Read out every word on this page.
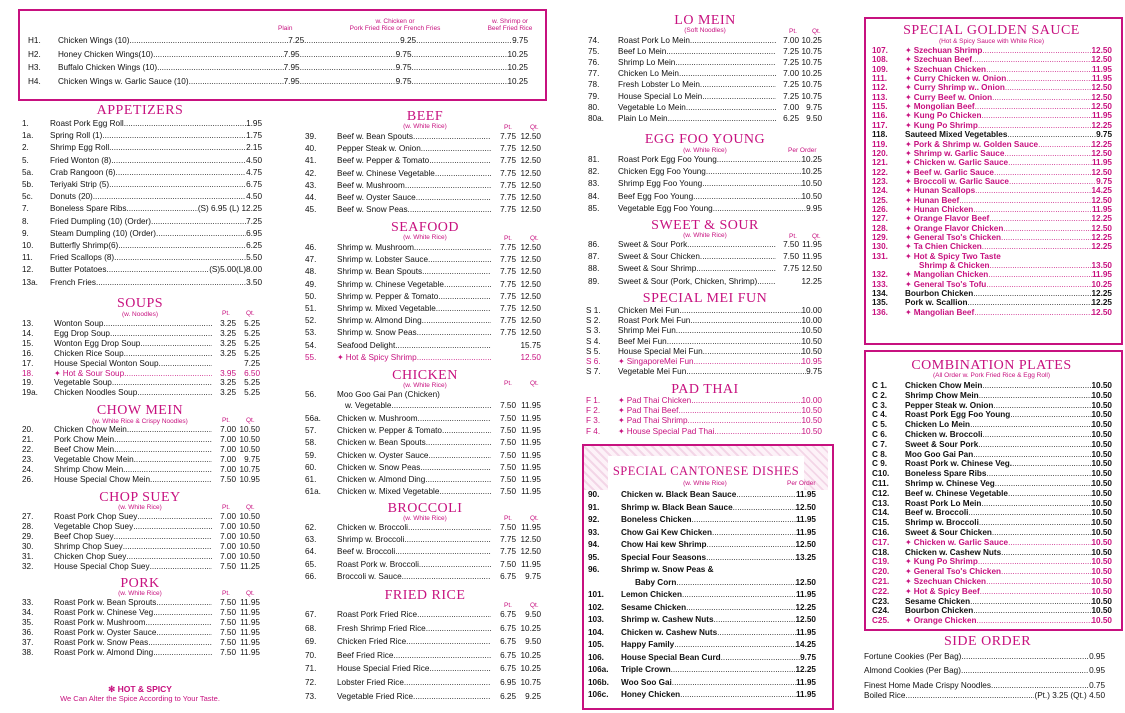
Plain
w. Chicken or
Pork Fried Rice or French Fries
w. Shrimp or
Beef Fried Rice
H1.	Chicken Wings (10) .....	7.25 .....	9.25 .....	9.75
H2.	Honey Chicken Wings(10) .....	7.95 .....	9.75 .....	10.25
H3.	Buffalo Chicken Wings (10) .....	7.95 .....	9.75 .....	10.25
H4.	Chicken Wings w. Garlic Sauce (10) .....	7.95 .....	9.75 .....	10.25
APPETIZERS
SOUPS
(w. Noodles)	Pt. Qt.
CHOW MEIN
(w. White Rice & Crispy Noodles)	Pt. Qt.
CHOP SUEY
(w. White Rice)	Pt. Qt.
PORK
(w. White Rice)	Pt. Qt.
✻ HOT & SPICY
We Can Alter the Spice According to Your Taste.
BEEF
(w. White Rice)	Pt.	Qt.
SEAFOOD
(w. White Rice)	Pt.	Qt.
CHICKEN
(w. White Rice)	Pt.	Qt.
BROCCOLI
(w. White Rice)	Pt.	Qt.
FRIED RICE
Pt.	Qt.
LO MEIN
(Soft Noodles)	Pt. Qt.
EGG FOO YOUNG
(w. White Rice)	Per Order
SWEET & SOUR
(w. White Rice)	Pt. Qt.
SPECIAL MEI FUN
PAD THAI
SPECIAL CANTONESE DISHES
(w. White Rice)	Per Order
SPECIAL GOLDEN SAUCE
(Hot & Spicy Sauce with White Rice)
COMBINATION PLATES
(All Order w. Pork Fried Rice & Egg Roll)
SIDE ORDER
1.	Roast Pork Egg Roll .....	1.95
1a.	Spring Roll (1) .....	1.75
2.	Shrimp Egg Roll .....	2.15
5.	Fried Wonton (8) .....	4.50
5a.	Crab Rangoon (6) .....	4.75
5b.	Teriyaki Strip (5) .....	6.75
5c.	Donuts (20) .....	4.50
7.	Boneless Spare Ribs .....	(S) 6.95 (L) 12.25
8.	Fried Dumpling (10) (Order) .....	7.25
9.	Steam Dumpling (10) (Order) .....	6.95
10.	Butterfly Shrimp(6) .....	6.25
11.	Fried Scallops (8) .....	5.50
12.	Butter Potatoes .....	(S)5.00(L)8.00
13a.	French Fries .....	3.50
13.	Wonton Soup .....	3.25 5.25
14.	Egg Drop Soup .....	3.25 5.25
15.	Wonton Egg Drop Soup .....	3.25 5.25
16.	Chicken Rice Soup .....	3.25 5.25
17.	House Special Wonton Soup .....	7.25
18.	✦ Hot & Sour Soup .....	3.95 6.50
19.	Vegetable Soup .....	3.25 5.25
19a.	Chicken Noodles Soup .....	3.25 5.25
20.	Chicken Chow Mein .....	7.00 10.50
21.	Pork Chow Mein .....	7.00 10.50
22.	Beef Chow Mein .....	7.00 10.50
23.	Vegetable Chow Mein .....	7.00 9.75
24.	Shrimp Chow Mein .....	7.00 10.75
26.	House Special Chow Mein .....	7.50 10.95
27.	Roast Pork Chop Suey .....	7.00 10.50
28.	Vegetable Chop Suey .....	7.00 10.50
29.	Beef Chop Suey .....	7.00 10.50
30.	Shrimp Chop Suey .....	7.00 10.50
31.	Chicken Chop Suey .....	7.00 10.50
32.	House Special Chop Suey .....	7.50 11.25
33.	Roast Pork w. Bean Sprouts .....	7.50 11.95
34.	Roast Pork w. Chinese Veg .....	7.50 11.95
35.	Roast Pork w. Mushroom .....	7.50 11.95
36.	Roast Pork w. Oyster Sauce .....	7.50 11.95
37.	Roast Pork w. Snow Peas .....	7.50 11.95
38.	Roast Pork w. Almond Ding .....	7.50 11.95
39.	Beef w. Bean Spouts .....	7.75 12.50
40.	Pepper Steak w. Onion .....	7.75 12.50
41.	Beef w. Pepper & Tomato .....	7.75 12.50
42.	Beef w. Chinese Vegetable .....	7.75 12.50
43.	Beef w. Mushroom .....	7.75 12.50
44.	Beef w. Oyster Sauce .....	7.75 12.50
45.	Beef w. Snow Peas .....	7.75 12.50
46.	Shrimp w. Mushroom .....	7.75 12.50
47.	Shrimp w. Lobster Sauce .....	7.75 12.50
48.	Shrimp w. Bean Spouts .....	7.75 12.50
49.	Shrimp w. Chinese Vegetable .....	7.75 12.50
50.	Shrimp w. Pepper & Tomato .....	7.75 12.50
51.	Shrimp w. Mixed Vegetable .....	7.75 12.50
52.	Shrimp w. Almond Ding .....	7.75 12.50
53.	Shrimp w. Snow Peas .....	7.75 12.50
54.	Seafood Delight .....	15.75
55.	✦ Hot & Spicy Shrimp .....	12.50
56.	Moo Goo Gai Pan (Chicken)
w. Vegetable .....	7.50 11.95
56a.	Chicken w. Mushroom .....	7.50 11.95
57.	Chicken w. Pepper & Tomato .....	7.50 11.95
58.	Chicken w. Bean Spouts .....	7.50 11.95
59.	Chicken w. Oyster Sauce .....	7.50 11.95
60.	Chicken w. Snow Peas .....	7.50 11.95
61.	Chicken w. Almond Ding .....	7.50 11.95
61a.	Chicken w. Mixed Vegetable .....	7.50 11.95
62.	Chicken w. Broccoli .....	7.50 11.95
63.	Shrimp w. Broccoli .....	7.75 12.50
64.	Beef w. Broccoli .....	7.75 12.50
65.	Roast Pork w. Broccoli .....	7.50 11.95
66.	Broccoli w. Sauce .....	6.75	9.75
67.	Roast Pork Fried Rice .....	6.75	9.50
68.	Fresh Shrimp Fried Rice .....	6.75 10.25
69.	Chicken Fried Rice .....	6.75	9.50
70.	Beef Fried Rice .....	6.75 10.25
71.	House Special Fried Rice .....	6.75 10.25
72.	Lobster Fried Rice .....	6.95 10.75
73.	Vegetable Fried Rice .....	6.25	9.25
74.	Roast Pork Lo Mein .....	7.00 10.25
75.	Beef Lo Mein .....	7.25 10.75
76.	Shrimp Lo Mein .....	7.25 10.75
77.	Chicken Lo Mein .....	7.00 10.25
78.	Fresh Lobster Lo Mein .....	7.25 10.75
79.	House Special Lo Mein .....	7.25 10.75
80.	Vegetable Lo Mein .....	7.00 9.75
80a.	Plain Lo Mein .....	6.25 9.50
81.	Roast Pork Egg Foo Young .....	10.25
82.	Chicken Egg Foo Young .....	10.25
83.	Shrimp Egg Foo Young .....	10.50
84.	Beef Egg Foo Young .....	10.50
85.	Vegetable Egg Foo Young .....	9.95
86.	Sweet & Sour Pork .....	7.50 11.95
87.	Sweet & Sour Chicken .....	7.50 11.95
88.	Sweet & Sour Shrimp .....	7.75 12.50
89.	Sweet & Sour (Pork, Chicken, Shrimp) .....	12.25
S 1.	Chicken Mei Fun .....	10.00
S 2.	Roast Pork Mei Fun .....	10.00
S 3.	Shrimp Mei Fun .....	10.50
S 4.	Beef Mei Fun .....	10.50
S 5.	House Special Mei Fun .....	10.50
S 6.	✦ SingaporeMei Fun .....	10.95
S 7.	Vegetable Mei Fun .....	9.75
F 1.	✦ Pad Thai Chicken .....	10.00
F 2.	✦ Pad Thai Beef .....	10.50
F 3.	✦ Pad Thai Shrimp .....	10.50
F 4.	✦ House Special Pad Thai .....	10.50
90.	Chicken w. Black Bean Sauce .....	11.95
91.	Shrimp w. Black Bean Sauce .....	12.50
92.	Boneless Chicken .....	11.95
93.	Chow Gai Kew Chicken .....	11.95
94.	Chow Hai kew Shrimp .....	12.50
95.	Special Four Seasons .....	13.25
96.	Shrimp w. Snow Peas &
Baby Corn .....	12.50
101.	Lemon Chicken .....	11.95
102.	Sesame Chicken .....	12.25
103.	Shrimp w. Cashew Nuts .....	12.50
104.	Chicken w. Cashew Nuts .....	11.95
105.	Happy Family .....	14.25
106.	House Special Bean Curd .....	9.75
106a.	Triple Crown .....	12.25
106b.	Woo Soo Gai .....	11.95
106c.	Honey Chicken .....	11.95
107.	✦ Szechuan Shrimp .....	12.50
108.	✦ Szechuan Beef .....	12.50
109.	✦ Szechuan Chicken .....	11.95
111.	✦ Curry Chicken w. Onion .....	11.95
112.	✦ Curry Shrimp w.. Onion .....	12.50
113.	✦ Curry Beef w. Onion .....	12.50
115.	✦ Mongolian Beef .....	12.50
116.	✦ Kung Po Chicken .....	11.95
117.	✦ Kung Po Shrimp .....	12.25
118.	Sauteed Mixed Vegetables .....	9.75
119.	✦ Pork & Shrimp w. Golden Sauce .....	12.25
120.	✦ Shrimp w. Garlic Sauce .....	12.50
121.	✦ Chicken w. Garlic Sauce .....	11.95
122.	✦ Beef w. Garlic Sauce .....	12.50
123.	✦ Broccoli w. Garlic Sauce .....	9.75
124.	✦ Hunan Scallops .....	14.25
125.	✦ Hunan Beef .....	12.50
126.	✦ Hunan Chicken .....	11.95
127.	✦ Orange Flavor Beef .....	12.25
128.	✦ Orange Flavor Chicken .....	12.50
129.	✦ General Tso's Chicken .....	12.25
130.	✦ Ta Chien Chicken .....	12.25
131.	✦ Hot & Spicy Two Taste
Shrimp & Chicken .....	13.50
132.	✦ Mangolian Chicken .....	11.95
133.	✦ General Tso's Tofu .....	10.25
134.	Bourbon Chicken .....	12.25
135.	Pork w. Scallion .....	12.25
136.	✦ Mangolian Beef .....	12.50
C 1.	Chicken Chow Mein .....	10.50
C 2.	Shrimp Chow Mein .....	10.50
C 3.	Pepper Steak w. Onion .....	10.50
C 4.	Roast Pork Egg Foo Young .....	10.50
C 5.	Chicken Lo Mein .....	10.50
C 6.	Chicken w. Broccoli .....	10.50
C 7.	Sweet & Sour Pork .....	10.50
C 8.	Moo Goo Gai Pan .....	10.50
C 9.	Roast Pork w. Chinese Veg. .....	10.50
C10.	Boneless Spare Ribs .....	10.50
C11.	Shrimp w. Chinese Veg .....	10.50
C12.	Beef w. Chinese Vegetable .....	10.50
C13.	Roast Pork Lo Mein .....	10.50
C14.	Beef w. Broccoli .....	10.50
C15.	Shrimp w. Broccoli .....	10.50
C16.	Sweet & Sour Chicken .....	10.50
C17.	✦ Chicken w. Garlic Sauce .....	10.50
C18.	Chicken w. Cashew Nuts .....	10.50
C19.	✦ Kung Po Shrimp .....	10.50
C20.	✦ General Tso's Chicken .....	10.50
C21.	✦ Szechuan Chicken .....	10.50
C22.	✦ Hot & Spicy Beef .....	10.50
C23.	Sesame Chicken .....	10.50
C24.	Bourbon Chicken .....	10.50
C25.	✦ Orange Chicken .....	10.50
Fortune Cookies (Per Bag) .....	0.95
Almond Cookies (Per Bag) .....	0.95
Finest Home Made Crispy Noodles .....	0.75
Boiled Rice .....	(Pt.) 3.25 (Qt.) 4.50
